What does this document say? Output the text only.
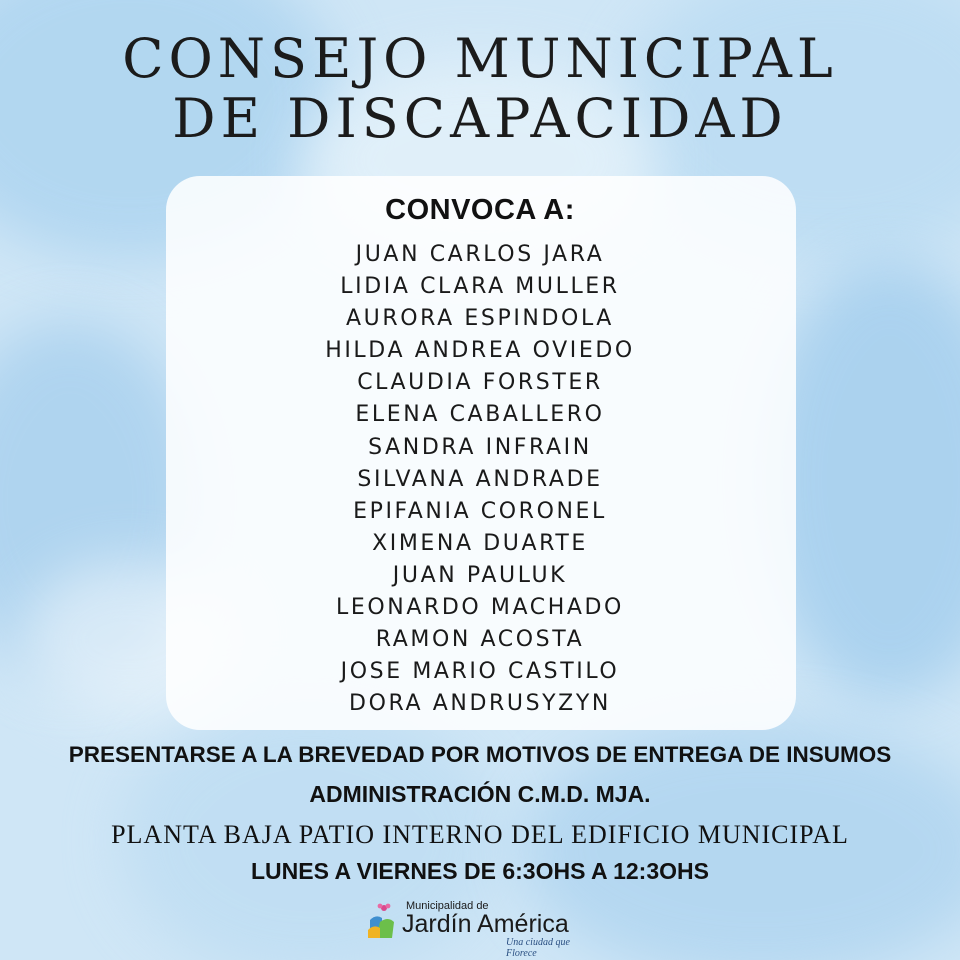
CONSEJO MUNICIPAL
DE DISCAPACIDAD
CONVOCA A:
JUAN CARLOS JARA
LIDIA CLARA MULLER
AURORA ESPINDOLA
HILDA ANDREA OVIEDO
CLAUDIA FORSTER
ELENA CABALLERO
SANDRA INFRAIN
SILVANA ANDRADE
EPIFANIA CORONEL
XIMENA DUARTE
JUAN PAULUK
LEONARDO MACHADO
RAMON ACOSTA
JOSE MARIO CASTILO
DORA ANDRUSYZYN
PRESENTARSE A LA BREVEDAD POR MOTIVOS DE ENTREGA DE INSUMOS
ADMINISTRACIÓN C.M.D. MJA.
PLANTA BAJA PATIO INTERNO DEL EDIFICIO MUNICIPAL
LUNES A VIERNES DE 6:3OHS A 12:3OHS
Municipalidad de
Jardín América
Una ciudad que Florece
